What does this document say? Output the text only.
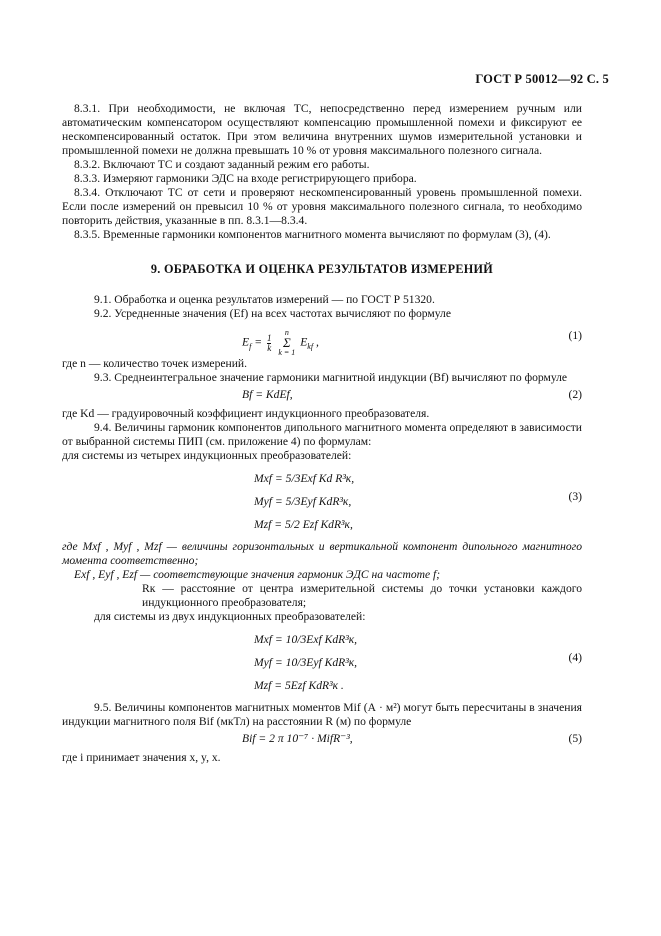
ГОСТ Р 50012—92 С. 5

8.3.1. При необходимости, не включая ТС, непосредственно перед измерением ручным или автоматическим компенсатором осуществляют компенсацию промышленной помехи и фиксируют ее нескомпенсированный остаток. При этом величина внутренних шумов измерительной установки и промышленной помехи не должна превышать 10 % от уровня максимального полезного сигнала.

8.3.2. Включают ТС и создают заданный режим его работы.

8.3.3. Измеряют гармоники ЭДС на входе регистрирующего прибора.

8.3.4. Отключают ТС от сети и проверяют нескомпенсированный уровень промышленной помехи. Если после измерений он превысил 10 % от уровня максимального полезного сигнала, то необходимо повторить действия, указанные в пп. 8.3.1—8.3.4.

8.3.5. Временные гармоники компонентов магнитного момента вычисляют по формулам (3), (4).

9. ОБРАБОТКА И ОЦЕНКА РЕЗУЛЬТАТОВ ИЗМЕРЕНИЙ

9.1. Обработка и оценка результатов измерений — по ГОСТ Р 51320.

9.2. Усредненные значения (Ef) на всех частотах вычисляют по формуле

$E_f = \frac{1}{k}$
n
Σ
k = 1 $E_{kf}$ ,
(1)

где n — количество точек измерений.

9.3. Среднеинтегральное значение гармоники магнитной индукции (Bf) вычисляют по формуле

Bf = KdEf,	(2)

где Kd — градуировочный коэффициент индукционного преобразователя.

9.4. Величины гармоник компонентов дипольного магнитного момента определяют в зависимости от выбранной системы ПИП (см. приложение 4) по формулам:

для системы из четырех индукционных преобразователей:

Mxf = 5/3Exf Kd R³к,
Myf = 5/3Eyf KdR³к,
Mzf = 5/2 Ezf KdR³к,
(3)

где Mxf , Myf , Mzf — величины горизонтальных и вертикальной компонент дипольного магнитного момента соответственно;

Exf , Eyf , Ezf — соответствующие значения гармоник ЭДС на частоте f;

Rк — расстояние от центра измерительной системы до точки установки каждого индукционного преобразователя;

для системы из двух индукционных преобразователей:

Mxf = 10/3Exf KdR³к,
Myf = 10/3Eyf KdR³к,
Mzf = 5Ezf KdR³к .
(4)

9.5. Величины компонентов магнитных моментов Mif (А · м²) могут быть пересчитаны в значения индукции магнитного поля Bif (мкТл) на расстоянии R (м) по формуле

Bif = 2 π 10⁻⁷ · MifR⁻³,	(5)

где i принимает значения x, y, x.
